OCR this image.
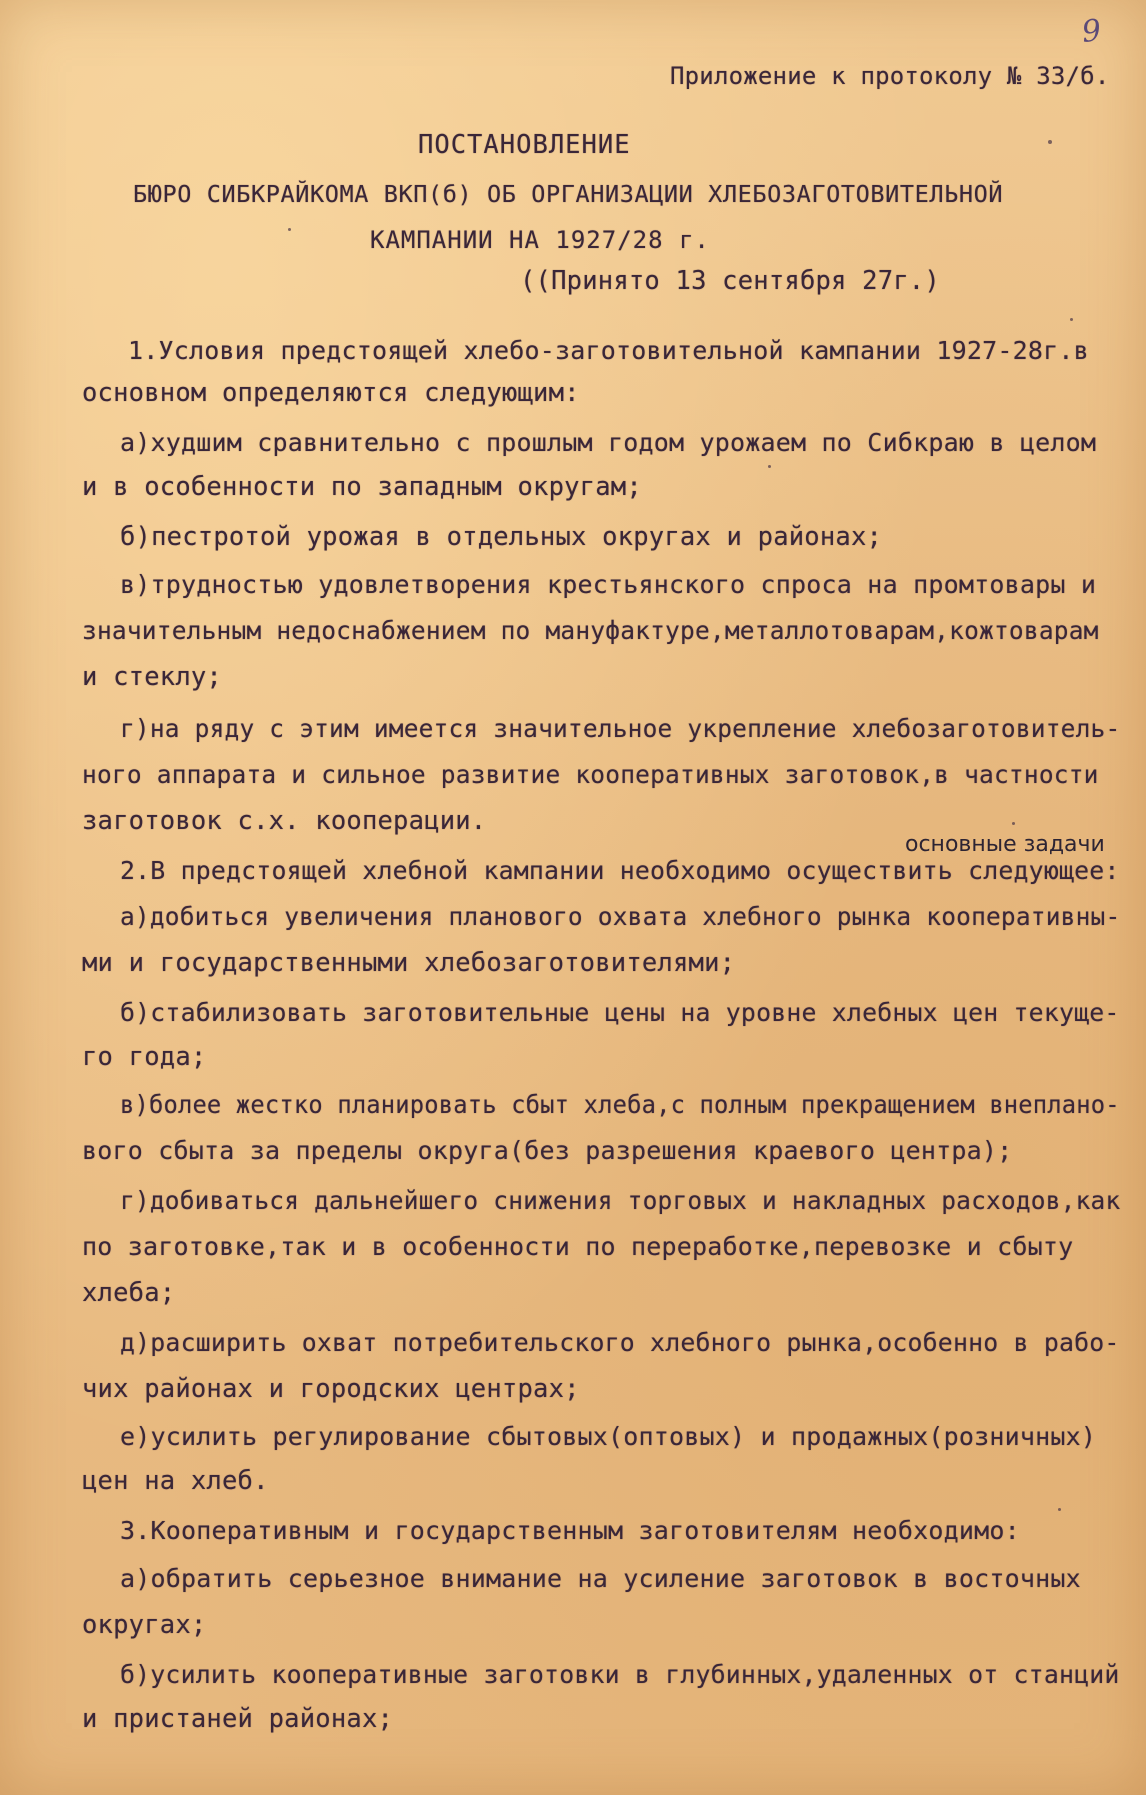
9
Приложение к протоколу № 33/б.
ПОСТАНОВЛЕНИЕ
БЮРО СИБКРАЙКОМА ВКП(б) ОБ ОРГАНИЗАЦИИ ХЛЕБОЗАГОТОВИТЕЛЬНОЙ
КАМПАНИИ НА 1927/28 г.
((Принято 13 сентября 27г.)
1.Условия предстоящей хлебо-заготовительной кампании 1927-28г.в
основном определяются следующим:
а)худшим сравнительно с прошлым годом урожаем по Сибкраю в целом
и в особенности по западным округам;
б)пестротой урожая в отдельных округах и районах;
в)трудностью удовлетворения крестьянского спроса на промтовары и
значительным недоснабжением по мануфактуре,металлотоварам,кожтоварам
и стеклу;
г)на ряду с этим имеется значительное укрепление хлебозаготовитель-
ного аппарата и сильное развитие кооперативных заготовок,в частности
заготовок с.х. кооперации.
основные задачи
2.В предстоящей хлебной кампании необходимо осуществить следующее:
а)добиться увеличения планового охвата хлебного рынка кооперативны-
ми и государственными хлебозаготовителями;
б)стабилизовать заготовительные цены на уровне хлебных цен текуще-
го года;
в)более жестко планировать сбыт хлеба,с полным прекращением внеплано-
вого сбыта за пределы округа(без разрешения краевого центра);
г)добиваться дальнейшего снижения торговых и накладных расходов,как
по заготовке,так и в особенности по переработке,перевозке и сбыту
хлеба;
д)расширить охват потребительского хлебного рынка,особенно в рабо-
чих районах и городских центрах;
е)усилить регулирование сбытовых(оптовых) и продажных(розничных)
цен на хлеб.
3.Кооперативным и государственным заготовителям необходимо:
а)обратить серьезное внимание на усиление заготовок в восточных
округах;
б)усилить кооперативные заготовки в глубинных,удаленных от станций
и пристаней районах;
